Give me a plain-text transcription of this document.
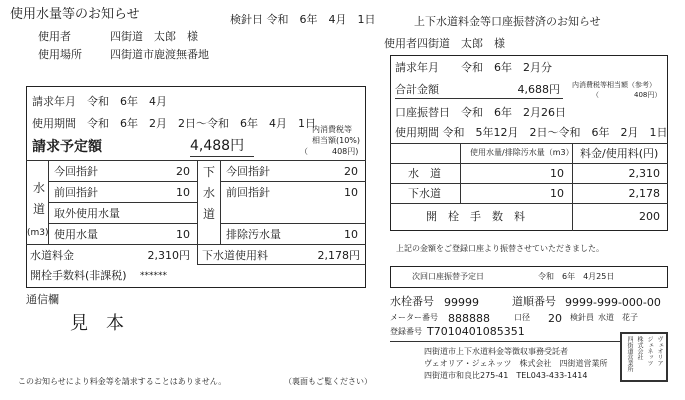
使用水量等のお知らせ	検針日 令和　6年　4月　1日
使用者	四街道　太郎　様
使用場所	四街道市鹿渡無番地
請求年月　令和　6年　4月
使用期間　令和　6年　2月　2日～令和　6年　4月　1日
内消費税等
相当額(10%)
（	408円)
請求予定額	4,488円
水
道
(m3)
今回指針	20
前回指針	10
取外使用水量
使用水量	10
下
水
道
今回指針	20
前回指針	10
排除汚水量	10
水道料金	2,310円 下水道使用料	2,178円
開栓手数料(非課税) ******
通信欄
見　本
このお知らせにより料金等を請求することはありません。	（裏面もご覧ください）
上下水道料金等口座振替済のお知らせ
使用者四街道　太郎　様
請求年月　　令和　6年　2月分
合計金額	4,688円 内消費税等相当額（参考）
（	408円）
口座振替日　令和　6年　2月26日
使用期間 令和　5年12月　2日～令和　6年　2月　1日
使用水量/排除汚水量（m3） 料金/使用料(円)
水　道	10	2,310
下水道	10	2,178
開　栓　手　数　料	200
上記の金額をご登録口座より振替させていただきました。
次回口座振替予定日	令和　6年　4月25日
水栓番号 99999	道順番号 9999-999-000-00
メーター番号 888888	口径 20 検針員 水道　花子
登録番号 T7010401085351
四街道市上下水道料金等徴収事務受託者
ヴェオリア・ジェネッツ　株式会社　四街道営業所
四街道市和良比275-41　TEL043-433-1414
ヴェオリア
ジェネッツ
株式会社
四街道営業所
